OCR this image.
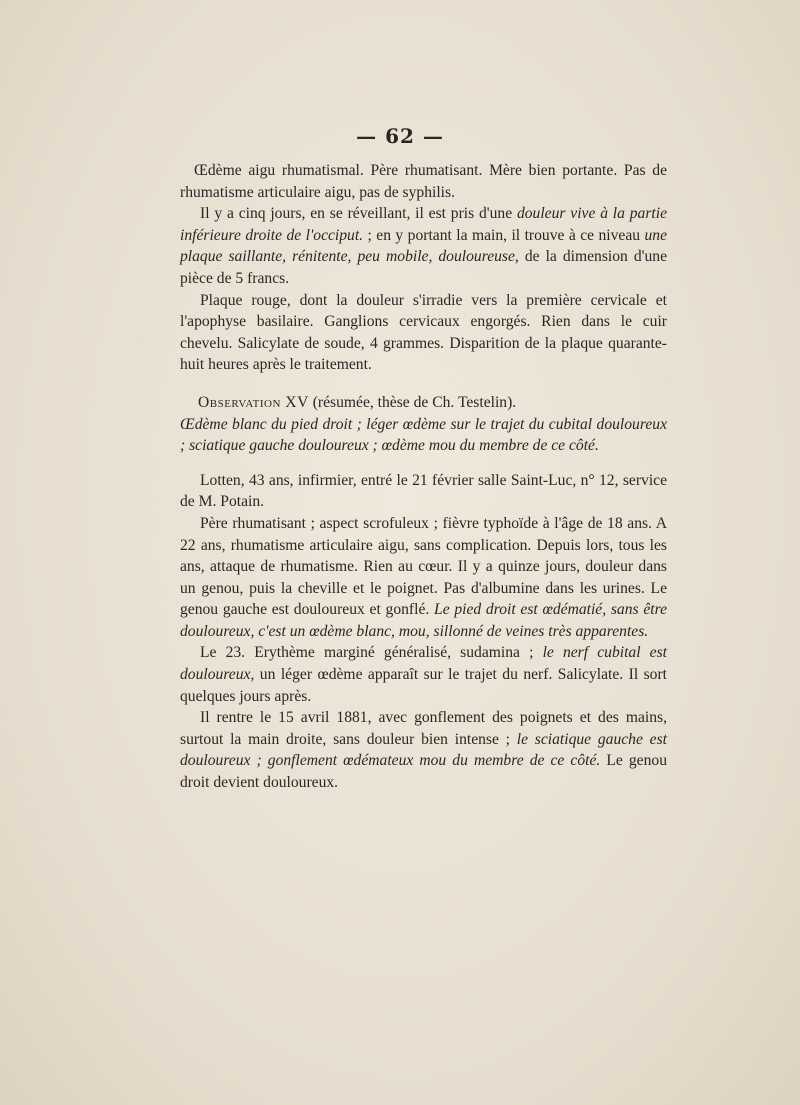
— 62 —

Œdème aigu rhumatismal. Père rhumatisant. Mère bien portante. Pas de rhumatisme articulaire aigu, pas de syphilis.

Il y a cinq jours, en se réveillant, il est pris d'une douleur vive à la partie inférieure droite de l'occiput. ; en y portant la main, il trouve à ce niveau une plaque saillante, rénitente, peu mobile, douloureuse, de la dimension d'une pièce de 5 francs.

Plaque rouge, dont la douleur s'irradie vers la première cervicale et l'apophyse basilaire. Ganglions cervicaux engorgés. Rien dans le cuir chevelu. Salicylate de soude, 4 grammes. Disparition de la plaque quarante-huit heures après le traitement.

Observation XV (résumée, thèse de Ch. Testelin).

Œdème blanc du pied droit ; léger œdème sur le trajet du cubital douloureux ; sciatique gauche douloureux ; œdème mou du membre de ce côté.

Lotten, 43 ans, infirmier, entré le 21 février salle Saint-Luc, n° 12, service de M. Potain.

Père rhumatisant ; aspect scrofuleux ; fièvre typhoïde à l'âge de 18 ans. A 22 ans, rhumatisme articulaire aigu, sans complication. Depuis lors, tous les ans, attaque de rhumatisme. Rien au cœur. Il y a quinze jours, douleur dans un genou, puis la cheville et le poignet. Pas d'albumine dans les urines. Le genou gauche est douloureux et gonflé. Le pied droit est œdématié, sans être douloureux, c'est un œdème blanc, mou, sillonné de veines très apparentes.

Le 23. Erythème marginé généralisé, sudamina ; le nerf cubital est douloureux, un léger œdème apparaît sur le trajet du nerf. Salicylate. Il sort quelques jours après.

Il rentre le 15 avril 1881, avec gonflement des poignets et des mains, surtout la main droite, sans douleur bien intense ; le sciatique gauche est douloureux ; gonflement œdémateux mou du membre de ce côté. Le genou droit devient douloureux.
